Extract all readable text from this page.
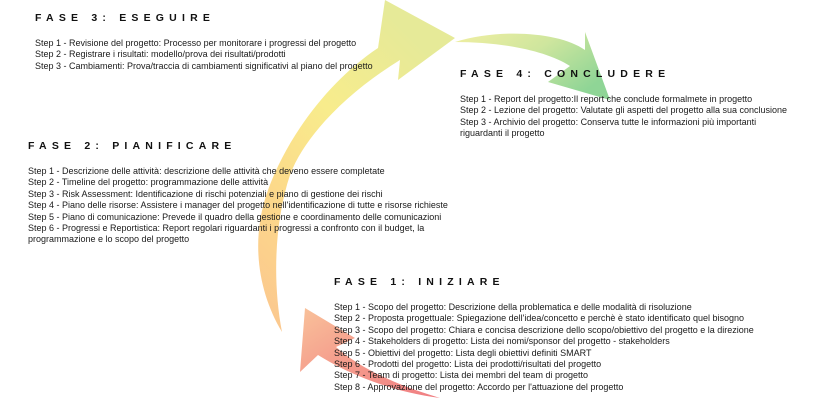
FASE 3: ESEGUIRE
Step 1 - Revisione del progetto: Processo per monitorare i progressi del progetto
Step 2 - Registrare i risultati: modello/prova dei risultati/prodotti
Step 3 - Cambiamenti: Prova/traccia di cambiamenti significativi al piano del progetto
FASE 4: CONCLUDERE
Step 1 - Report del progetto:Il report che conclude formalmete in progetto
Step 2 - Lezione del progetto: Valutate gli aspetti del progetto alla sua conclusione
Step 3 - Archivio del progetto: Conserva tutte le informazioni più importanti riguardanti il progetto
FASE 2: PIANIFICARE
Step 1 - Descrizione delle attività: descrizione delle attività che deveno essere completate
Step 2 - Timeline del progetto: programmazione delle attività
Step 3 - Risk Assessment: Identificazione di rischi potenziali e piano di gestione dei rischi
Step 4 - Piano delle risorse: Assistere i manager del progetto nell'identificazione di tutte e risorse richieste
Step 5 - Piano di comunicazione: Prevede il quadro della gestione e coordinamento delle comunicazioni
Step 6 - Progressi e Reportistica: Report regolari riguardanti i progressi a confronto con il budget, la programmazione e lo scopo del progetto
FASE 1: INIZIARE
Step 1 - Scopo del progetto: Descrizione della problematica e delle modalità di risoluzione
Step 2 - Proposta progettuale: Spiegazione dell'idea/concetto e perchè è stato identificato quel bisogno
Step 3 - Scopo del progetto: Chiara e concisa descrizione dello scopo/obiettivo del progetto e la direzione
Step 4 - Stakeholders di progetto: Lista dei nomi/sponsor del progetto - stakeholders
Step 5 - Obiettivi del progetto: Lista degli obiettivi definiti SMART
Step 6 - Prodotti del progetto: Lista dei prodotti/risultati del progetto
Step 7 - Team di progetto: Lista dei membri del team di progetto
Step 8 - Approvazione del progetto: Accordo per l'attuazione del progetto
